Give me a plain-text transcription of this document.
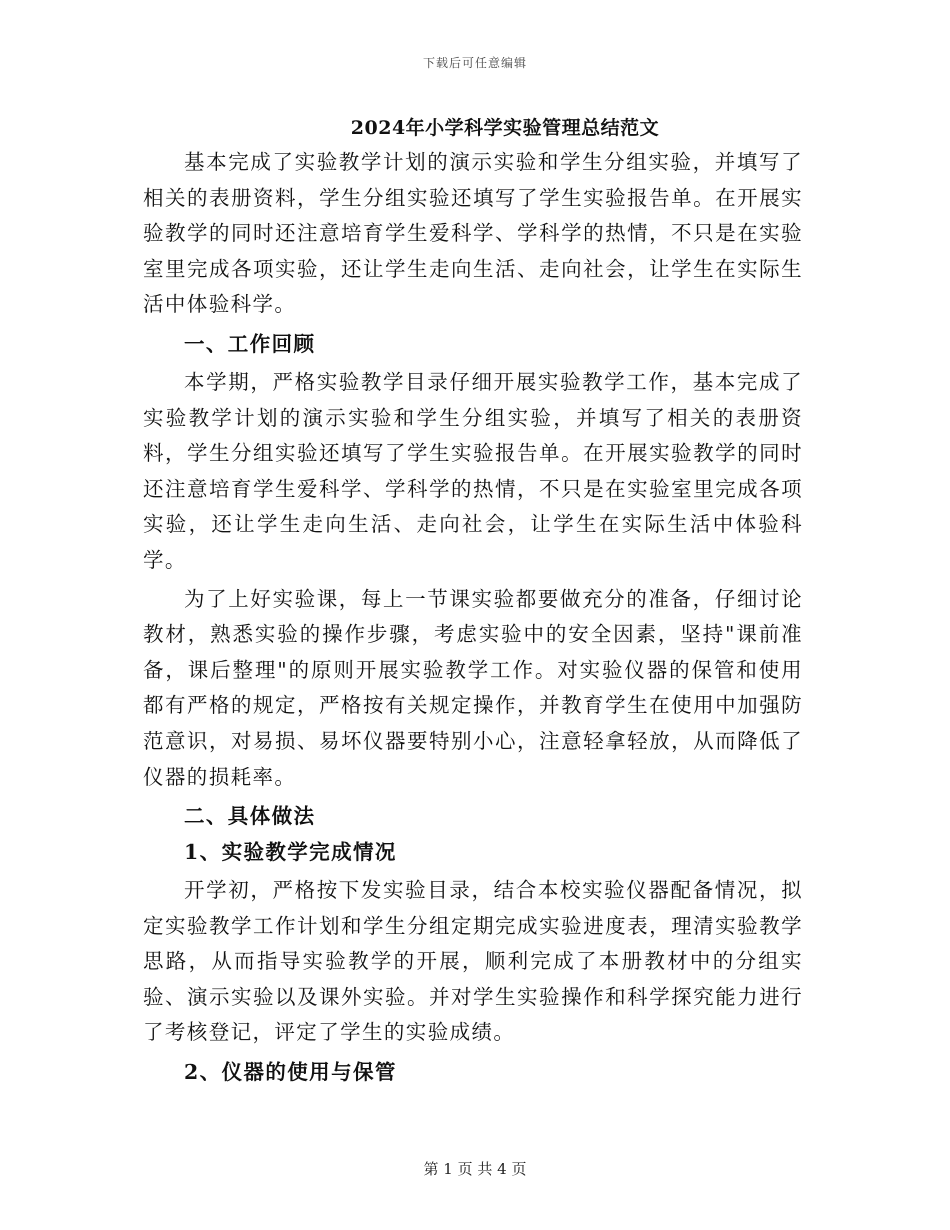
下载后可任意编辑
2024年小学科学实验管理总结范文

基本完成了实验教学计划的演示实验和学生分组实验，并填写了相关的表册资料，学生分组实验还填写了学生实验报告单。在开展实验教学的同时还注意培育学生爱科学、学科学的热情，不只是在实验室里完成各项实验，还让学生走向生活、走向社会，让学生在实际生活中体验科学。

一、工作回顾

本学期，严格实验教学目录仔细开展实验教学工作，基本完成了实验教学计划的演示实验和学生分组实验，并填写了相关的表册资料，学生分组实验还填写了学生实验报告单。在开展实验教学的同时还注意培育学生爱科学、学科学的热情，不只是在实验室里完成各项实验，还让学生走向生活、走向社会，让学生在实际生活中体验科学。

为了上好实验课，每上一节课实验都要做充分的准备，仔细讨论教材，熟悉实验的操作步骤，考虑实验中的安全因素，坚持"课前准备，课后整理"的原则开展实验教学工作。对实验仪器的保管和使用都有严格的规定，严格按有关规定操作，并教育学生在使用中加强防范意识，对易损、易坏仪器要特别小心，注意轻拿轻放，从而降低了仪器的损耗率。

二、具体做法
1、实验教学完成情况

开学初，严格按下发实验目录，结合本校实验仪器配备情况，拟定实验教学工作计划和学生分组定期完成实验进度表，理清实验教学思路，从而指导实验教学的开展，顺利完成了本册教材中的分组实验、演示实验以及课外实验。并对学生实验操作和科学探究能力进行了考核登记，评定了学生的实验成绩。

2、仪器的使用与保管
第 1 页 共 4 页
